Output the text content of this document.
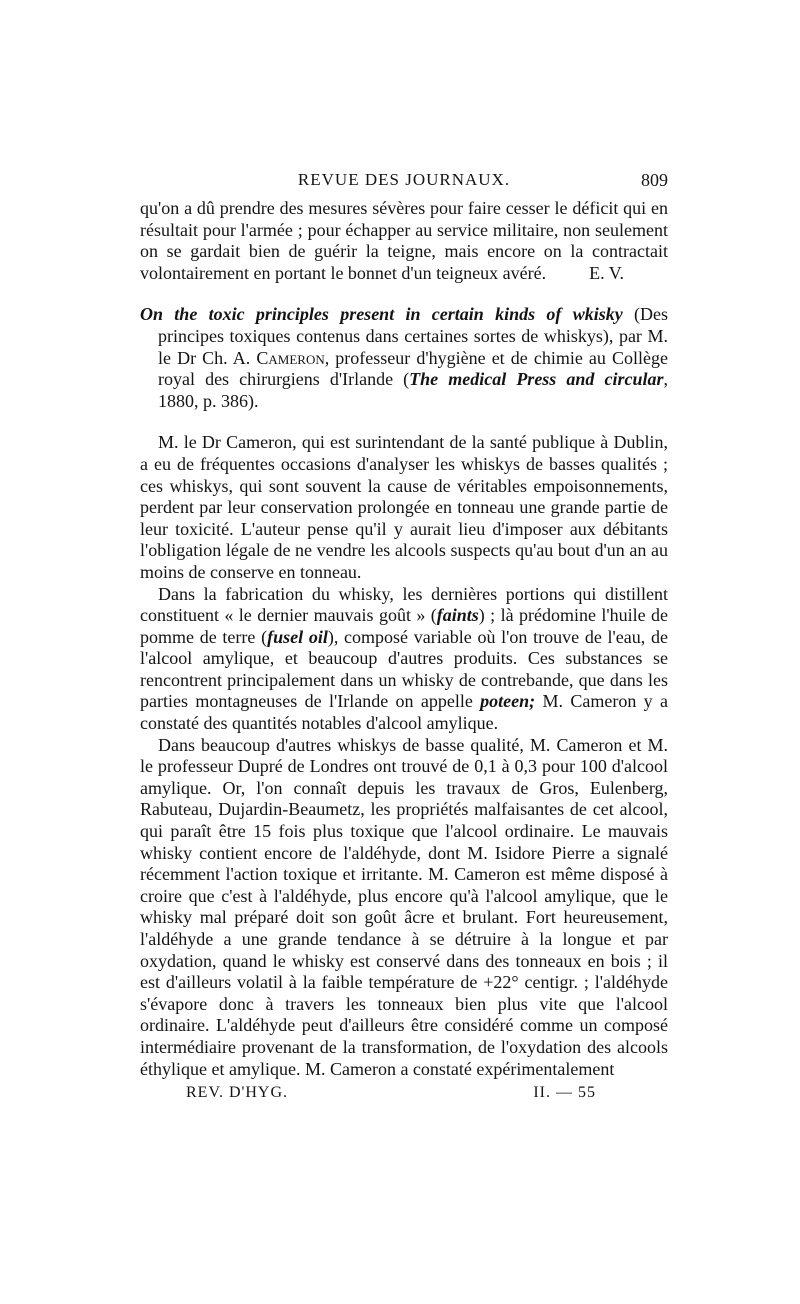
REVUE DES JOURNAUX.	809

qu'on a dû prendre des mesures sévères pour faire cesser le déficit qui en résultait pour l'armée ; pour échapper au service militaire, non seulement on se gardait bien de guérir la teigne, mais encore on la contractait volontairement en portant le bonnet d'un teigneux avéré.	E. V.

On the toxic principles present in certain kinds of wkisky (Des principes toxiques contenus dans certaines sortes de whiskys), par M. le Dr Ch. A. Cameron, professeur d'hygiène et de chimie au Collège royal des chirurgiens d'Irlande (The medical Press and circular, 1880, p. 386).

M. le Dr Cameron, qui est surintendant de la santé publique à Dublin, a eu de fréquentes occasions d'analyser les whiskys de basses qualités ; ces whiskys, qui sont souvent la cause de véritables empoisonnements, perdent par leur conservation prolongée en tonneau une grande partie de leur toxicité. L'auteur pense qu'il y aurait lieu d'imposer aux débitants l'obligation légale de ne vendre les alcools suspects qu'au bout d'un an au moins de conserve en tonneau.

Dans la fabrication du whisky, les dernières portions qui distillent constituent « le dernier mauvais goût » (faints) ; là prédomine l'huile de pomme de terre (fusel oil), composé variable où l'on trouve de l'eau, de l'alcool amylique, et beaucoup d'autres produits. Ces substances se rencontrent principalement dans un whisky de contrebande, que dans les parties montagneuses de l'Irlande on appelle poteen; M. Cameron y a constaté des quantités notables d'alcool amylique.

Dans beaucoup d'autres whiskys de basse qualité, M. Cameron et M. le professeur Dupré de Londres ont trouvé de 0,1 à 0,3 pour 100 d'alcool amylique. Or, l'on connaît depuis les travaux de Gros, Eulenberg, Rabuteau, Dujardin-Beaumetz, les propriétés malfaisantes de cet alcool, qui paraît être 15 fois plus toxique que l'alcool ordinaire. Le mauvais whisky contient encore de l'aldéhyde, dont M. Isidore Pierre a signalé récemment l'action toxique et irritante. M. Cameron est même disposé à croire que c'est à l'aldéhyde, plus encore qu'à l'alcool amylique, que le whisky mal préparé doit son goût âcre et brulant. Fort heureusement, l'aldéhyde a une grande tendance à se détruire à la longue et par oxydation, quand le whisky est conservé dans des tonneaux en bois ; il est d'ailleurs volatil à la faible température de +22° centigr. ; l'aldéhyde s'évapore donc à travers les tonneaux bien plus vite que l'alcool ordinaire. L'aldéhyde peut d'ailleurs être considéré comme un composé intermédiaire provenant de la transformation, de l'oxydation des alcools éthylique et amylique. M. Cameron a constaté expérimentalement

REV. D'HYG.	II. — 55
